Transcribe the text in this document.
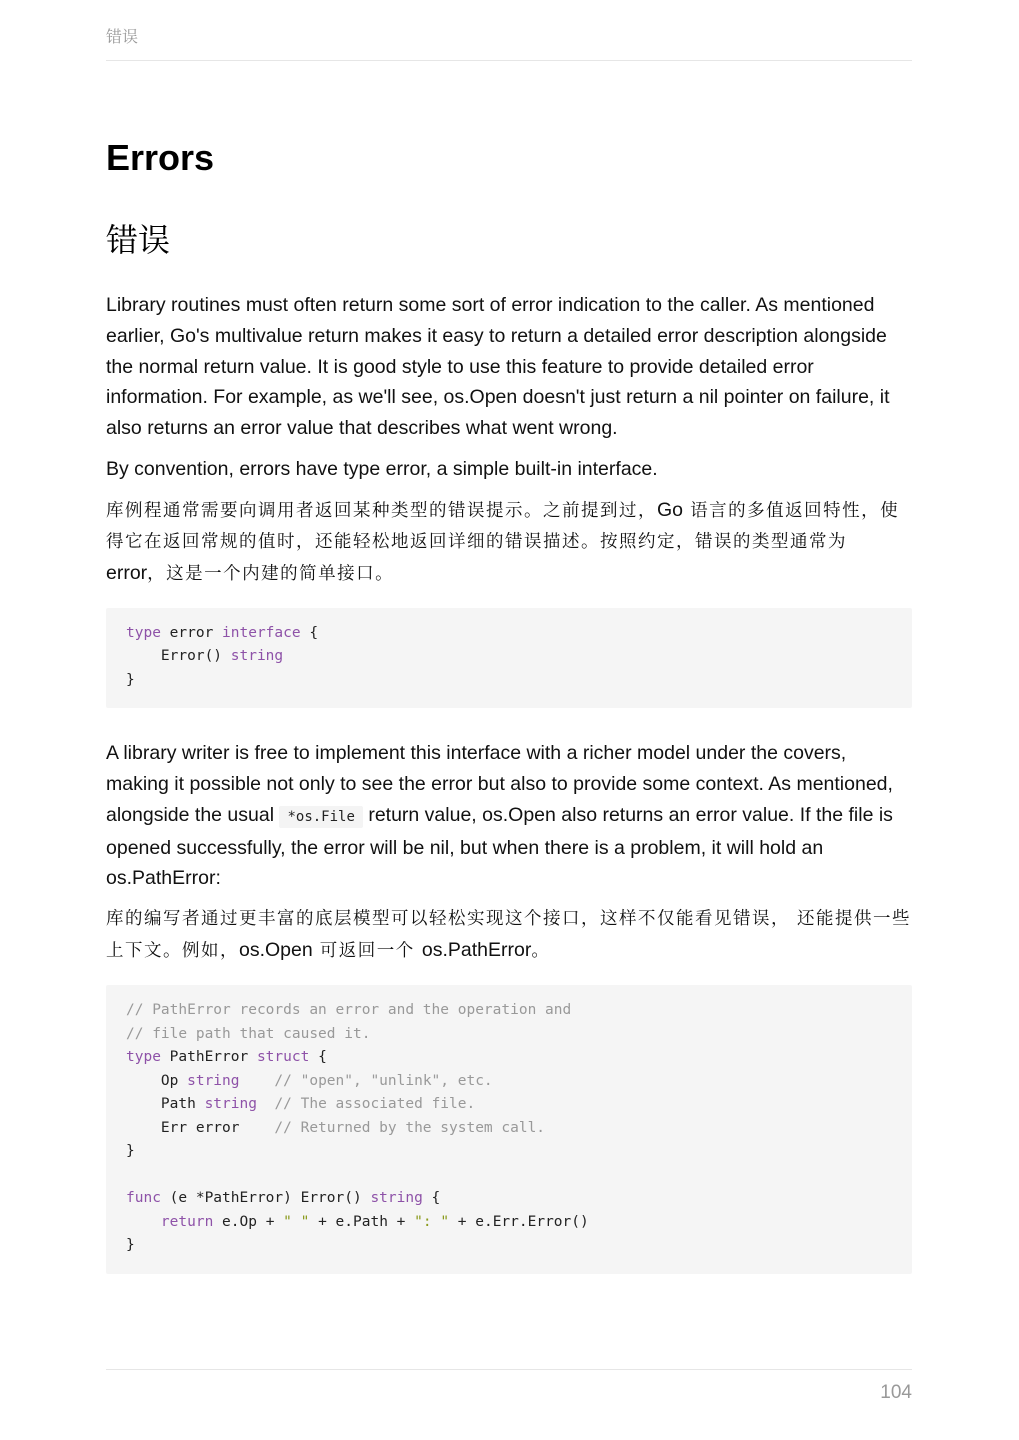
错误
Errors
错误

Library routines must often return some sort of error indication to the caller. As mentioned earlier, Go's multivalue return makes it easy to return a detailed error description alongside the normal return value. It is good style to use this feature to provide detailed error information. For example, as we'll see, os.Open doesn't just return a nil pointer on failure, it also returns an error value that describes what went wrong.

By convention, errors have type error, a simple built-in interface.

库例程通常需要向调用者返回某种类型的错误提示。之前提到过，Go 语言的多值返回特性，使得它在返回常规的值时，还能轻松地返回详细的错误描述。按照约定，错误的类型通常为 error，这是一个内建的简单接口。

type error interface {
Error() string
}

A library writer is free to implement this interface with a richer model under the covers, making it possible not only to see the error but also to provide some context. As mentioned, alongside the usual *os.File return value, os.Open also returns an error value. If the file is opened successfully, the error will be nil, but when there is a problem, it will hold an os.PathError:

库的编写者通过更丰富的底层模型可以轻松实现这个接口，这样不仅能看见错误， 还能提供一些上下文。例如，os.Open 可返回一个 os.PathError。

// PathError records an error and the operation and
// file path that caused it.
type PathError struct {
Op string // "open", "unlink", etc.
Path string // The associated file.
Err error    // Returned by the system call.
}

func (e *PathError) Error() string {
return e.Op + " " + e.Path + ": " + e.Err.Error()
}
104
